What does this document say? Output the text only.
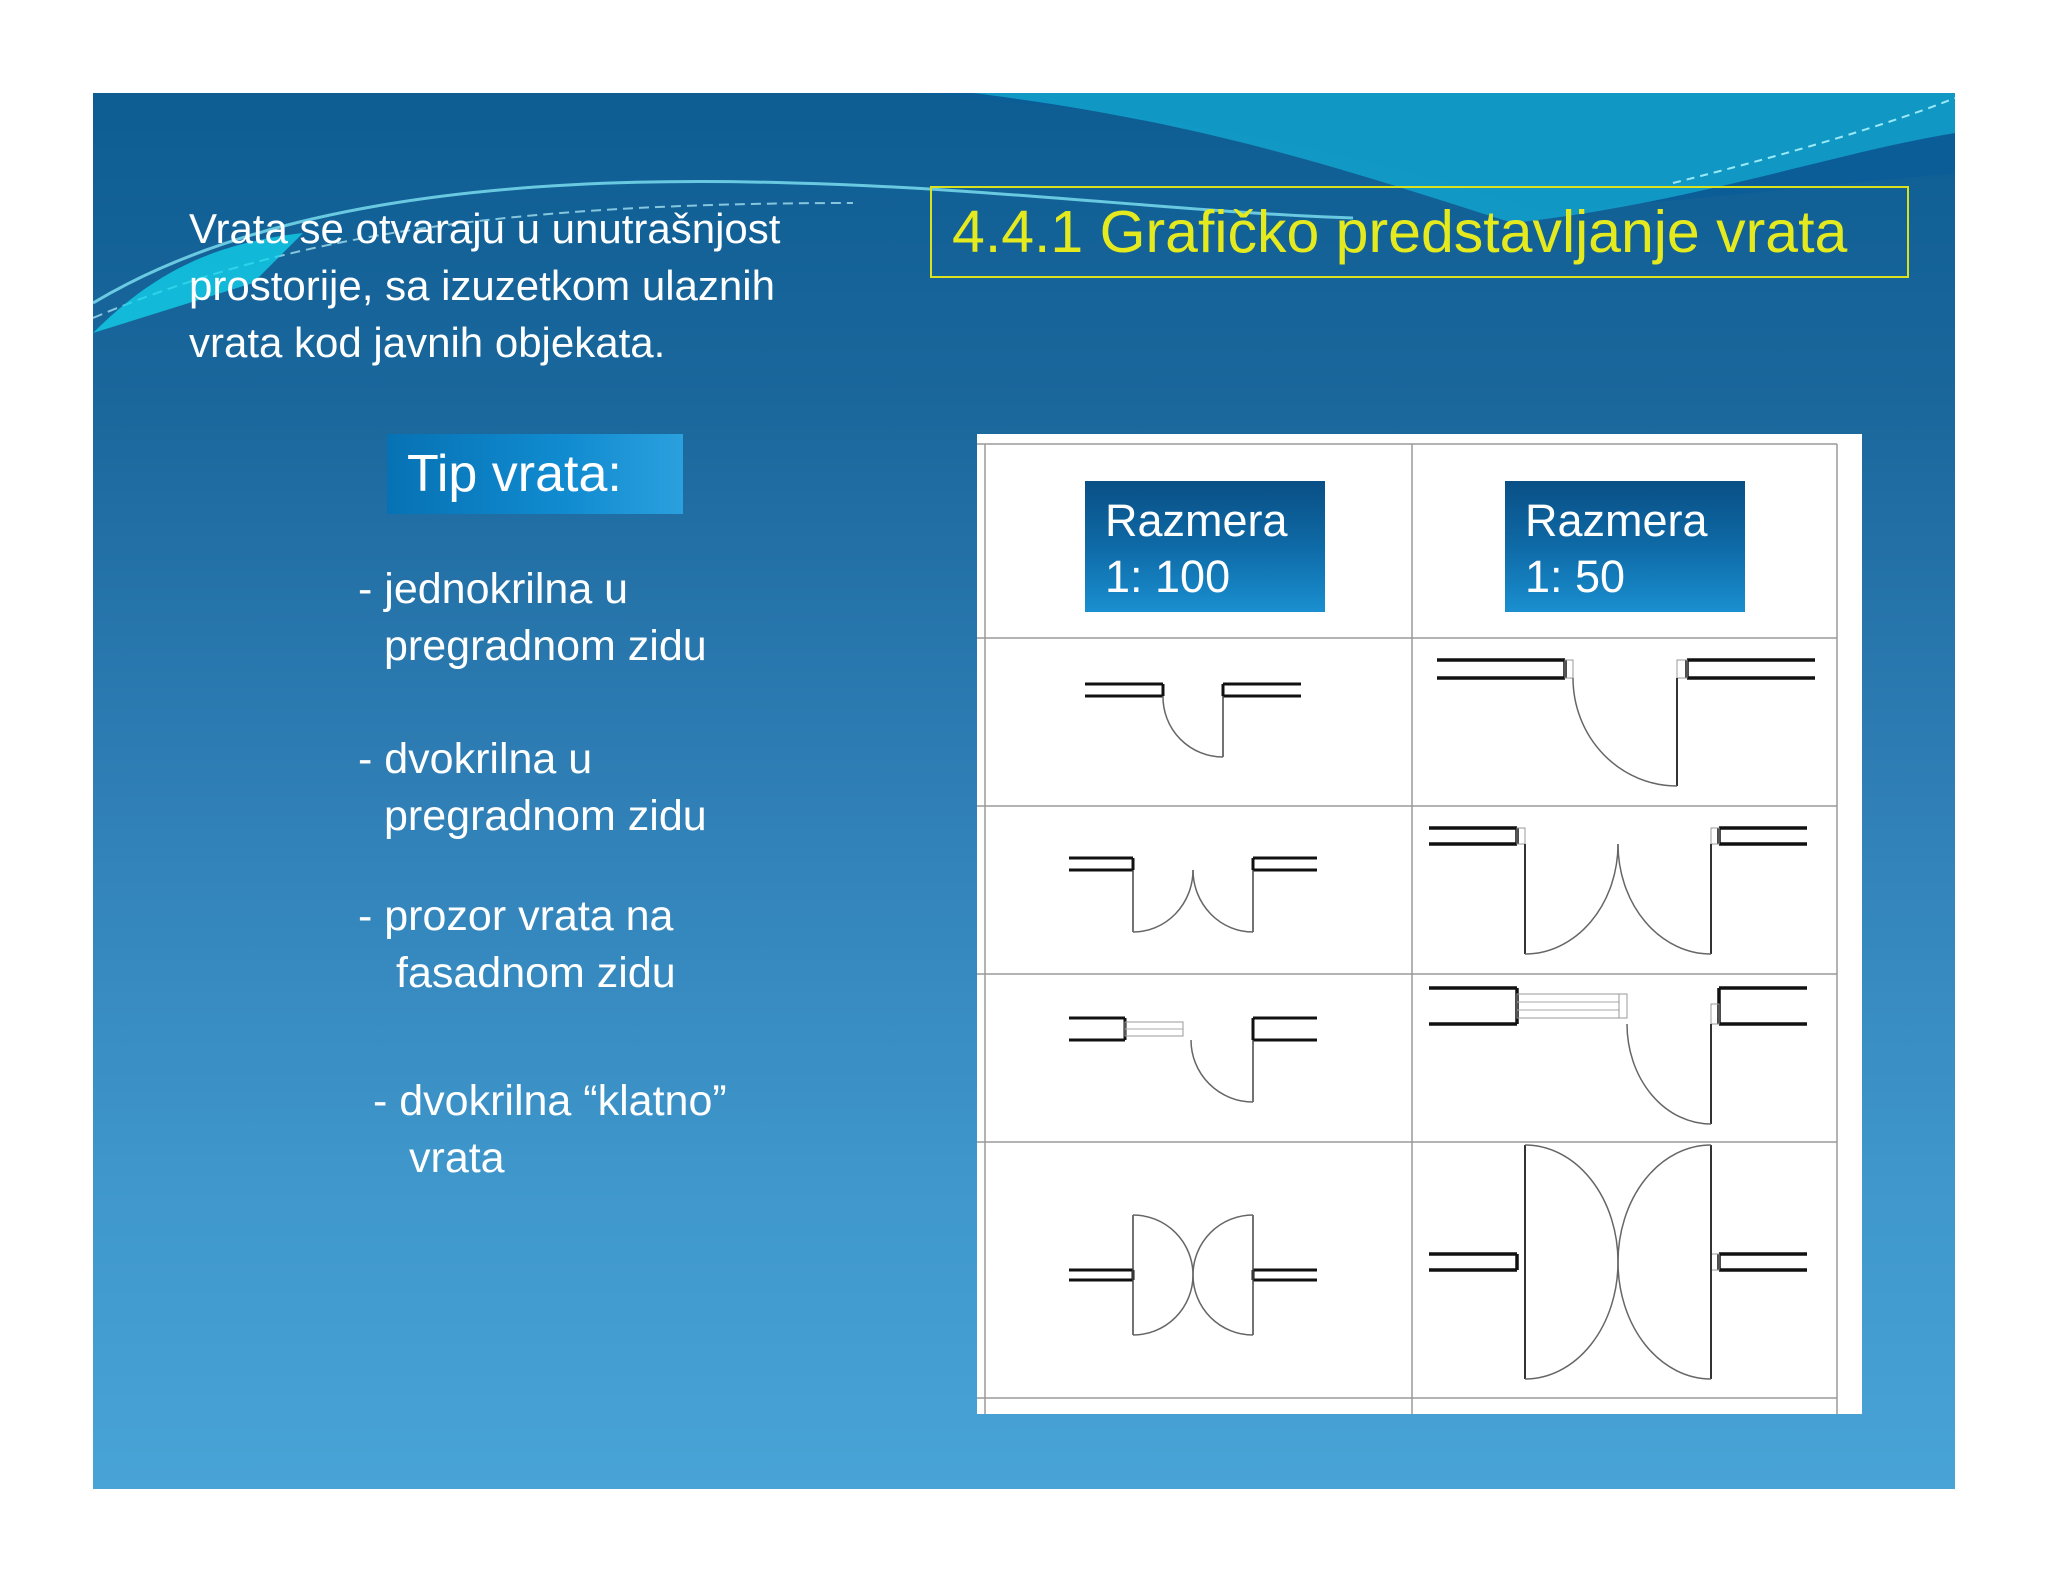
Vrata se otvaraju u unutrašnjost
prostorije, sa izuzetkom ulaznih
vrata kod javnih objekata.
4.4.1 Grafičko predstavljanje vrata
Tip vrata:
- jednokrilna u
pregradnom zidu
- dvokrilna u
pregradnom zidu
- prozor vrata na
fasadnom zidu
- dvokrilna “klatno”
vrata
Razmera
1: 100
Razmera
1: 50
